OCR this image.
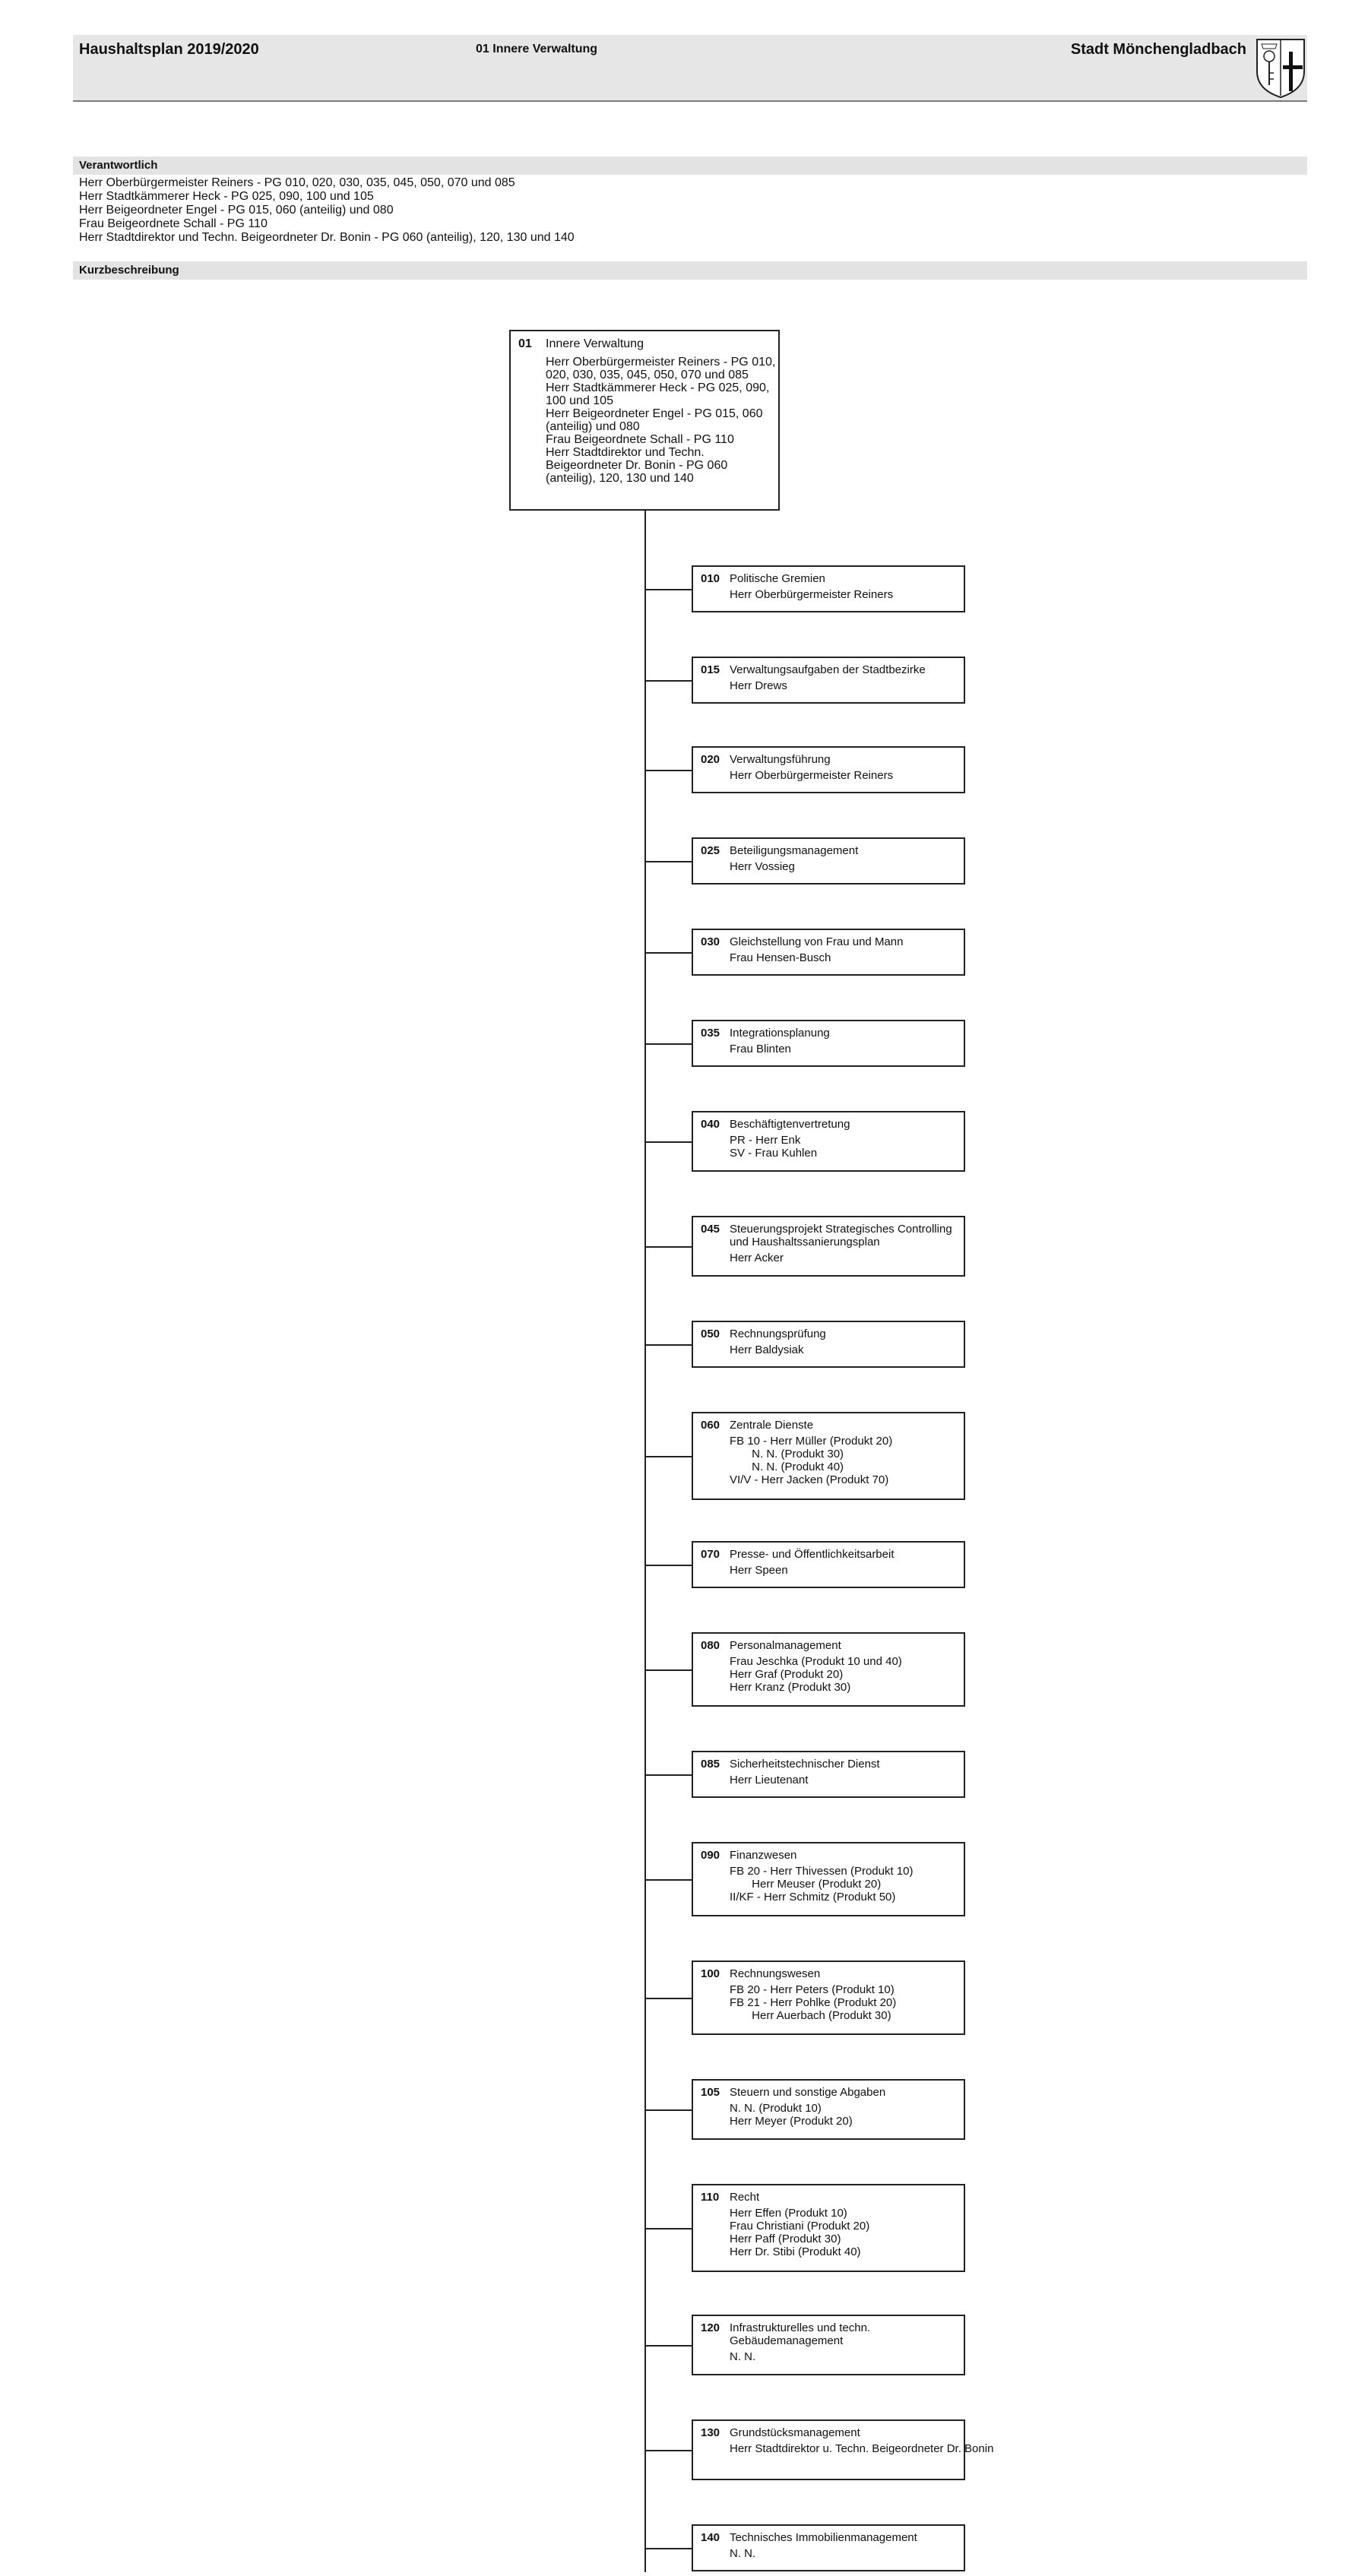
Haushaltsplan 2019/2020	01 Innere Verwaltung	Stadt Mönchengladbach
Verantwortlich
Herr Oberbürgermeister Reiners - PG 010, 020, 030, 035, 045, 050, 070 und 085
Herr Stadtkämmerer Heck - PG 025, 090, 100 und 105
Herr Beigeordneter Engel - PG 015, 060 (anteilig) und 080
Frau Beigeordnete Schall - PG 110
Herr Stadtdirektor und Techn. Beigeordneter Dr. Bonin - PG 060 (anteilig), 120, 130 und 140
Kurzbeschreibung
01 Innere Verwaltung
Herr Oberbürgermeister Reiners - PG 010, 020, 030, 035, 045, 050, 070 und 085
Herr Stadtkämmerer Heck - PG 025, 090, 100 und 105
Herr Beigeordneter Engel - PG 015, 060 (anteilig) und 080
Frau Beigeordnete Schall - PG 110
Herr Stadtdirektor und Techn. Beigeordneter Dr. Bonin - PG 060 (anteilig), 120, 130 und 140
010 Politische Gremien
Herr Oberbürgermeister Reiners
015 Verwaltungsaufgaben der Stadtbezirke
Herr Drews
020 Verwaltungsführung
Herr Oberbürgermeister Reiners
025 Beteiligungsmanagement
Herr Vossieg
030 Gleichstellung von Frau und Mann
Frau Hensen-Busch
035 Integrationsplanung
Frau Blinten
040 Beschäftigtenvertretung
PR - Herr Enk
SV - Frau Kuhlen
045 Steuerungsprojekt Strategisches Controlling und Haushaltssanierungsplan
Herr Acker
050 Rechnungsprüfung
Herr Baldysiak
060 Zentrale Dienste
FB 10 - Herr Müller (Produkt 20)
N. N. (Produkt 30)
N. N. (Produkt 40)
VI/V - Herr Jacken (Produkt 70)
070 Presse- und Öffentlichkeitsarbeit
Herr Speen
080 Personalmanagement
Frau Jeschka (Produkt 10 und 40)
Herr Graf (Produkt 20)
Herr Kranz (Produkt 30)
085 Sicherheitstechnischer Dienst
Herr Lieutenant
090 Finanzwesen
FB 20 - Herr Thivessen (Produkt 10)
Herr Meuser (Produkt 20)
II/KF - Herr Schmitz (Produkt 50)
100 Rechnungswesen
FB 20 - Herr Peters (Produkt 10)
FB 21 - Herr Pohlke (Produkt 20)
Herr Auerbach (Produkt 30)
105 Steuern und sonstige Abgaben
N. N. (Produkt 10)
Herr Meyer (Produkt 20)
110 Recht
Herr Effen (Produkt 10)
Frau Christiani (Produkt 20)
Herr Paff (Produkt 30)
Herr Dr. Stibi (Produkt 40)
120 Infrastrukturelles und techn. Gebäudemanagement
N. N.
130 Grundstücksmanagement
Herr Stadtdirektor u. Techn. Beigeordneter Dr. Bonin
140 Technisches Immobilienmanagement
N. N.
